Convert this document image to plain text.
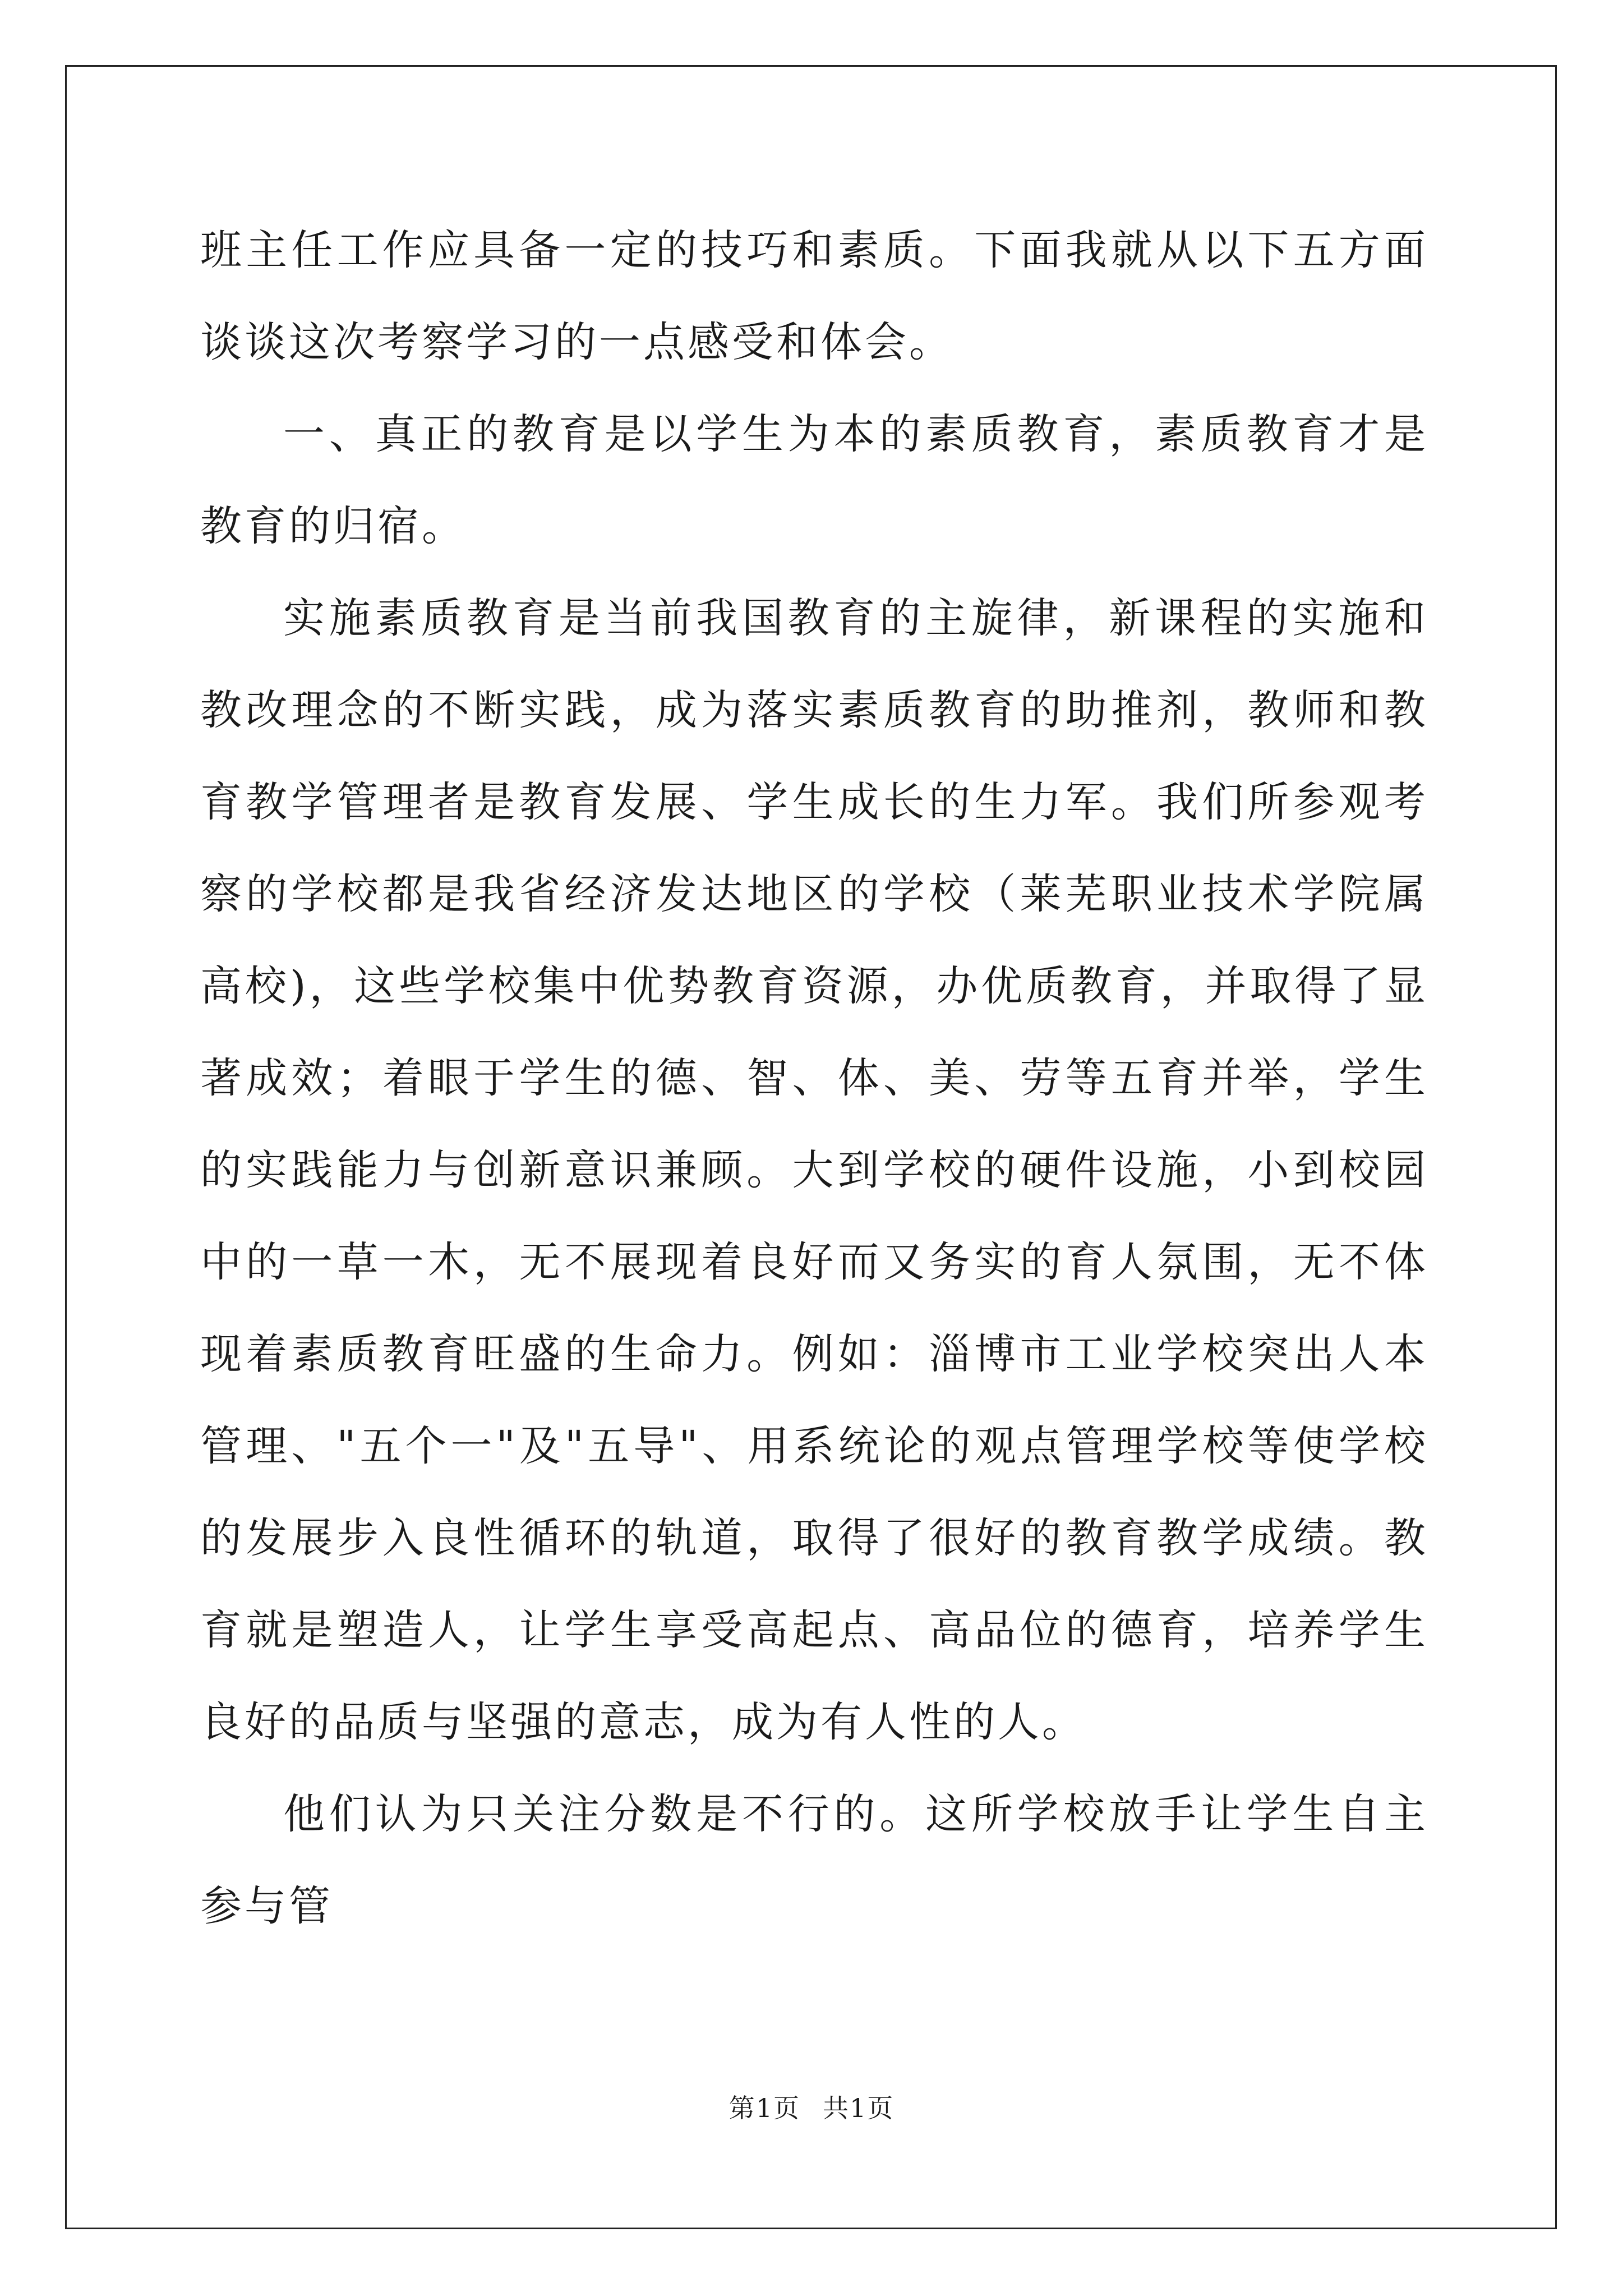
班主任工作应具备一定的技巧和素质。下面我就从以下五方面谈谈这次考察学习的一点感受和体会。

一、真正的教育是以学生为本的素质教育，素质教育才是教育的归宿。

实施素质教育是当前我国教育的主旋律，新课程的实施和教改理念的不断实践，成为落实素质教育的助推剂，教师和教育教学管理者是教育发展、学生成长的生力军。我们所参观考察的学校都是我省经济发达地区的学校（莱芜职业技术学院属高校)，这些学校集中优势教育资源，办优质教育，并取得了显著成效；着眼于学生的德、智、体、美、劳等五育并举，学生的实践能力与创新意识兼顾。大到学校的硬件设施，小到校园中的一草一木，无不展现着良好而又务实的育人氛围，无不体现着素质教育旺盛的生命力。例如：淄博市工业学校突出人本管理、"五个一"及"五导"、用系统论的观点管理学校等使学校的发展步入良性循环的轨道，取得了很好的教育教学成绩。教育就是塑造人，让学生享受高起点、高品位的德育，培养学生良好的品质与坚强的意志，成为有人性的人。

他们认为只关注分数是不行的。这所学校放手让学生自主参与管

第1页 共1页
